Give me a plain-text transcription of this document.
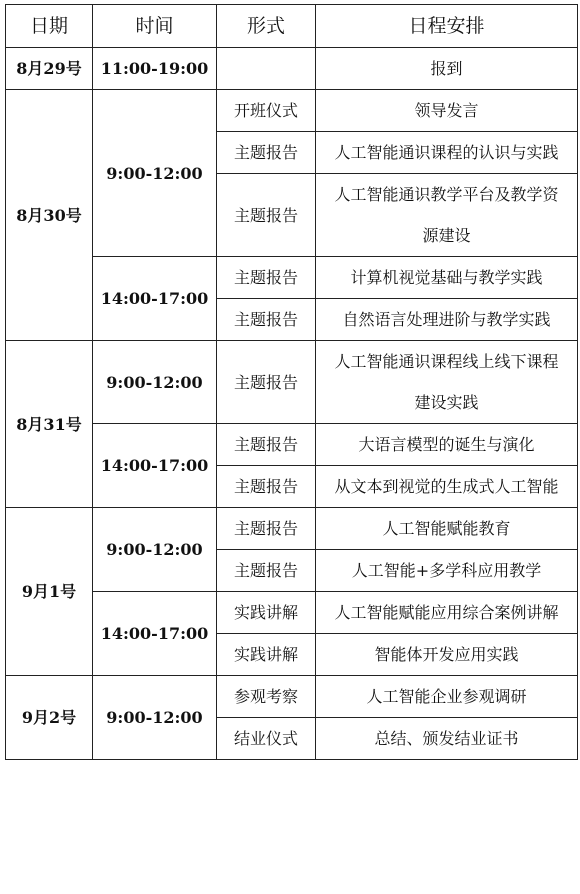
日期	时间	形式	日程安排
8月29号	11:00-19:00		报到
8月30号	9:00-12:00	开班仪式	领导发言
		主题报告	人工智能通识课程的认识与实践
		主题报告	人工智能通识教学平台及教学资源建设
	14:00-17:00	主题报告	计算机视觉基础与教学实践
		主题报告	自然语言处理进阶与教学实践
8月31号	9:00-12:00	主题报告	人工智能通识课程线上线下课程建设实践
	14:00-17:00	主题报告	大语言模型的诞生与演化
		主题报告	从文本到视觉的生成式人工智能
9月1号	9:00-12:00	主题报告	人工智能赋能教育
		主题报告	人工智能+多学科应用教学
	14:00-17:00	实践讲解	人工智能赋能应用综合案例讲解
		实践讲解	智能体开发应用实践
9月2号	9:00-12:00	参观考察	人工智能企业参观调研
		结业仪式	总结、颁发结业证书
